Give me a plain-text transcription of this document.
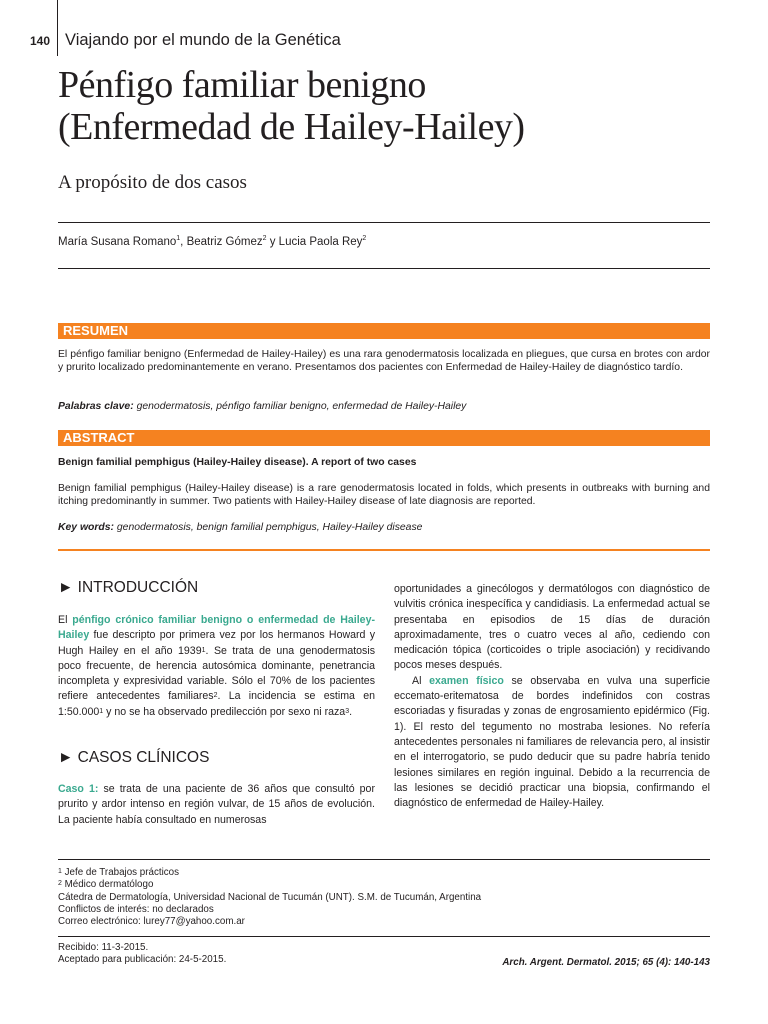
140 Viajando por el mundo de la Genética
Pénfigo familiar benigno
(Enfermedad de Hailey-Hailey)
A propósito de dos casos
María Susana Romano$^1$, Beatriz Gómez$^2$ y Lucia Paola Rey$^2$
RESUMEN
El pénfigo familiar benigno (Enfermedad de Hailey-Hailey) es una rara genodermatosis localizada en pliegues, que cursa en brotes con ardor y prurito localizado predominantemente en verano. Presentamos dos pacientes con Enfermedad de Hailey-Hailey de diagnóstico tardío.
Palabras clave: genodermatosis, pénfigo familiar benigno, enfermedad de Hailey-Hailey
ABSTRACT
Benign familial pemphigus (Hailey-Hailey disease). A report of two cases
Benign familial pemphigus (Hailey-Hailey disease) is a rare genodermatosis located in folds, which presents in outbreaks with burning and itching predominantly in summer. Two patients with Hailey-Hailey disease of late diagnosis are reported.
Key words: genodermatosis, benign familial pemphigus, Hailey-Hailey disease
► INTRODUCCIÓN

El pénfigo crónico familiar benigno o enfermedad de Hailey-Hailey fue descripto por primera vez por los hermanos Howard y Hugh Hailey en el año 1939$^1$. Se trata de una genodermatosis poco frecuente, de herencia autosómica dominante, penetrancia incompleta y expresividad variable. Sólo el 70% de los pacientes refiere antecedentes familiares$^2$. La incidencia se estima en 1:50.000$^1$ y no se ha observado predilección por sexo ni raza$^3$.

► CASOS CLÍNICOS

Caso 1: se trata de una paciente de 36 años que consultó por prurito y ardor intenso en región vulvar, de 15 años de evolución. La paciente había consultado en numerosas

oportunidades a ginecólogos y dermatólogos con diagnóstico de vulvitis crónica inespecífica y candidiasis. La enfermedad actual se presentaba en episodios de 15 días de duración aproximadamente, tres o cuatro veces al año, cediendo con medicación tópica (corticoides o triple asociación) y recidivando pocos meses después.

Al examen físico se observaba en vulva una superficie eccemato-eritematosa de bordes indefinidos con costras escoriadas y fisuradas y zonas de engrosamiento epidérmico (Fig. 1). El resto del tegumento no mostraba lesiones. No refería antecedentes personales ni familiares de relevancia pero, al insistir en el interrogatorio, se pudo deducir que su padre habría tenido lesiones similares en región inguinal. Debido a la recurrencia de las lesiones se decidió practicar una biopsia, confirmando el diagnóstico de enfermedad de Hailey-Hailey.

$^1$ Jefe de Trabajos prácticos
$^2$ Médico dermatólogo
Cátedra de Dermatología, Universidad Nacional de Tucumán (UNT). S.M. de Tucumán, Argentina
Conflictos de interés: no declarados
Correo electrónico: lurey77@yahoo.com.ar
Recibido: 11-3-2015.
Aceptado para publicación: 24-5-2015.	Arch. Argent. Dermatol. 2015; 65 (4): 140-143
